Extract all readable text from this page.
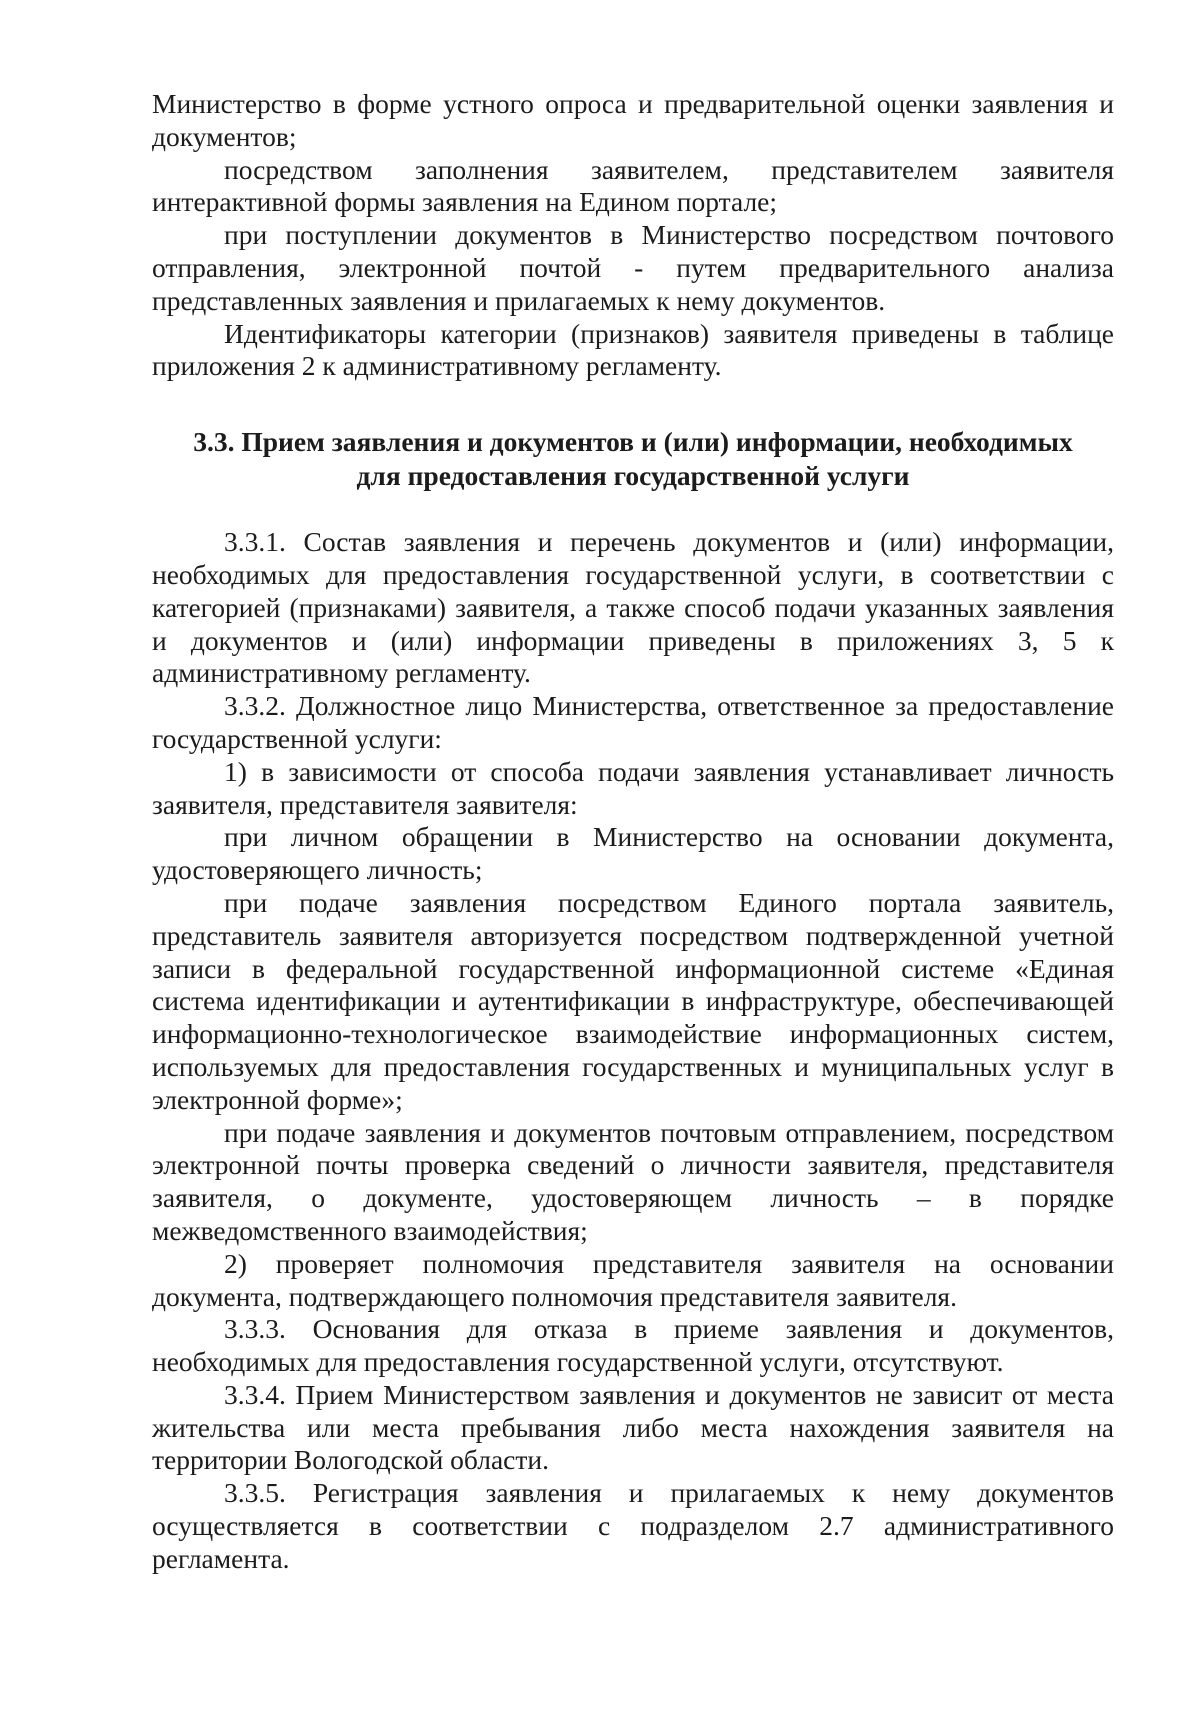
Министерство в форме устного опроса и предварительной оценки заявления и документов;

посредством заполнения заявителем, представителем заявителя интерактивной формы заявления на Едином портале;

при поступлении документов в Министерство посредством почтового отправления, электронной почтой - путем предварительного анализа представленных заявления и прилагаемых к нему документов.

Идентификаторы категории (признаков) заявителя приведены в таблице приложения 2 к административному регламенту.

3.3. Прием заявления и документов и (или) информации, необходимых для предоставления государственной услуги

3.3.1. Состав заявления и перечень документов и (или) информации, необходимых для предоставления государственной услуги, в соответствии с категорией (признаками) заявителя, а также способ подачи указанных заявления и документов и (или) информации приведены в приложениях 3, 5 к административному регламенту.

3.3.2. Должностное лицо Министерства, ответственное за предоставление государственной услуги:

1) в зависимости от способа подачи заявления устанавливает личность заявителя, представителя заявителя:

при личном обращении в Министерство на основании документа, удостоверяющего личность;

при подаче заявления посредством Единого портала заявитель, представитель заявителя авторизуется посредством подтвержденной учетной записи в федеральной государственной информационной системе «Единая система идентификации и аутентификации в инфраструктуре, обеспечивающей информационно-технологическое взаимодействие информационных систем, используемых для предоставления государственных и муниципальных услуг в электронной форме»;

при подаче заявления и документов почтовым отправлением, посредством электронной почты проверка сведений о личности заявителя, представителя заявителя, о документе, удостоверяющем личность – в порядке межведомственного взаимодействия;

2) проверяет полномочия представителя заявителя на основании документа, подтверждающего полномочия представителя заявителя.

3.3.3. Основания для отказа в приеме заявления и документов, необходимых для предоставления государственной услуги, отсутствуют.

3.3.4. Прием Министерством заявления и документов не зависит от места жительства или места пребывания либо места нахождения заявителя на территории Вологодской области.

3.3.5. Регистрация заявления и прилагаемых к нему документов осуществляется в соответствии с подразделом 2.7 административного регламента.
